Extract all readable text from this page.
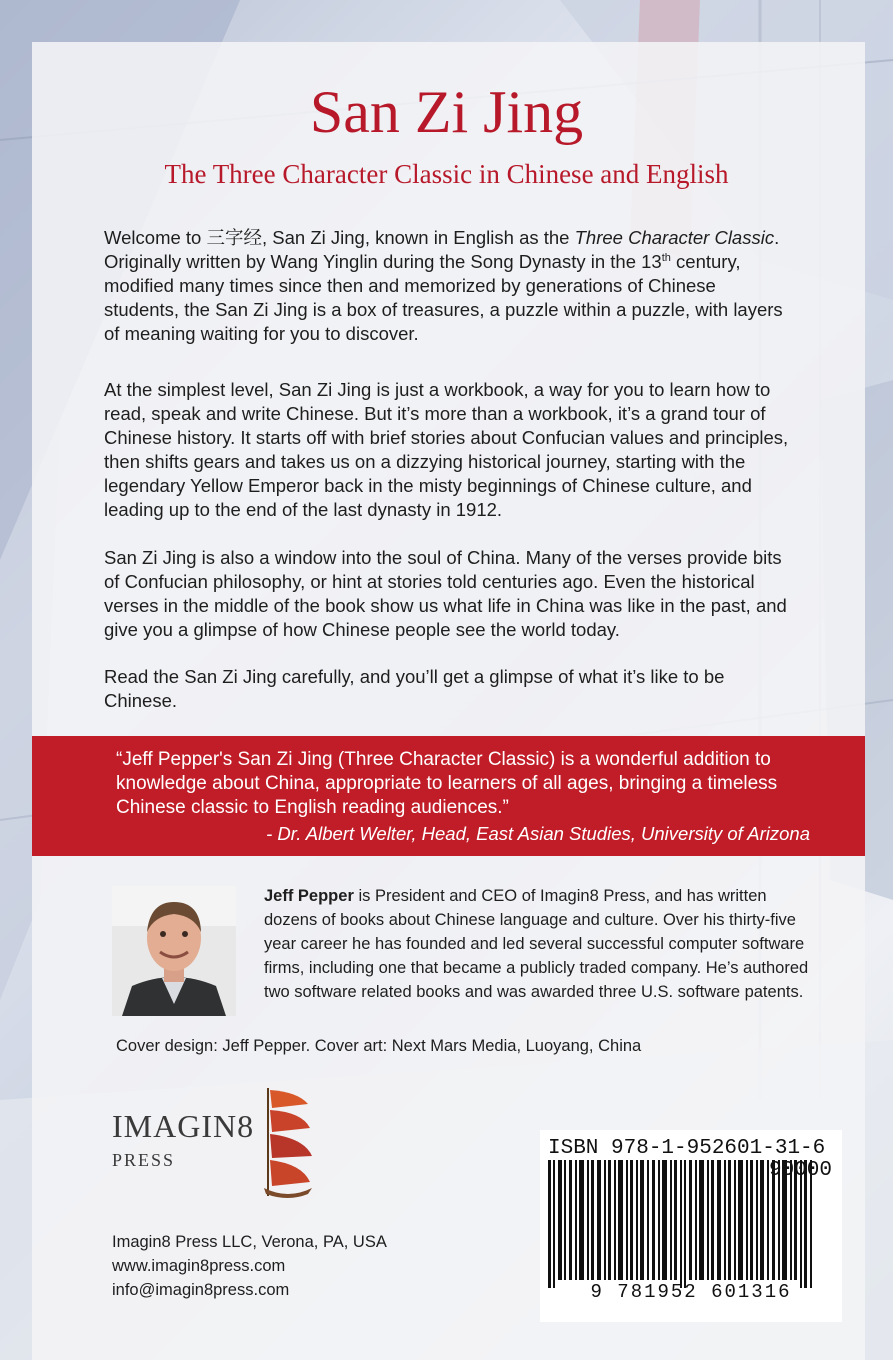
San Zi Jing
The Three Character Classic in Chinese and English
Welcome to 三字经, San Zi Jing, known in English as the Three Character Classic. Originally written by Wang Yinglin during the Song Dynasty in the 13th century, modified many times since then and memorized by generations of Chinese students, the San Zi Jing is a box of treasures, a puzzle within a puzzle, with layers of meaning waiting for you to discover.
At the simplest level, San Zi Jing is just a workbook, a way for you to learn how to read, speak and write Chinese. But it’s more than a workbook, it’s a grand tour of Chinese history. It starts off with brief stories about Confucian values and principles, then shifts gears and takes us on a dizzying historical journey, starting with the legendary Yellow Emperor back in the misty beginnings of Chinese culture, and leading up to the end of the last dynasty in 1912.
San Zi Jing is also a window into the soul of China. Many of the verses provide bits of Confucian philosophy, or hint at stories told centuries ago. Even the historical verses in the middle of the book show us what life in China was like in the past, and give you a glimpse of how Chinese people see the world today.
Read the San Zi Jing carefully, and you’ll get a glimpse of what it’s like to be Chinese.
“Jeff Pepper's San Zi Jing (Three Character Classic) is a wonderful addition to knowledge about China, appropriate to learners of all ages, bringing a timeless Chinese classic to English reading audiences.”
- Dr. Albert Welter, Head, East Asian Studies, University of Arizona
Jeff Pepper is President and CEO of Imagin8 Press, and has written dozens of books about Chinese language and culture. Over his thirty-five year career he has founded and led several successful computer software firms, including one that became a publicly traded company. He’s authored two software related books and was awarded three U.S. software patents.
Cover design: Jeff Pepper. Cover art: Next Mars Media, Luoyang, China
IMAGIN8
PRESS	ISBN 978-1-952601-31-6
90000
9 781952 601316
Imagin8 Press LLC, Verona, PA, USA
www.imagin8press.com
info@imagin8press.com
